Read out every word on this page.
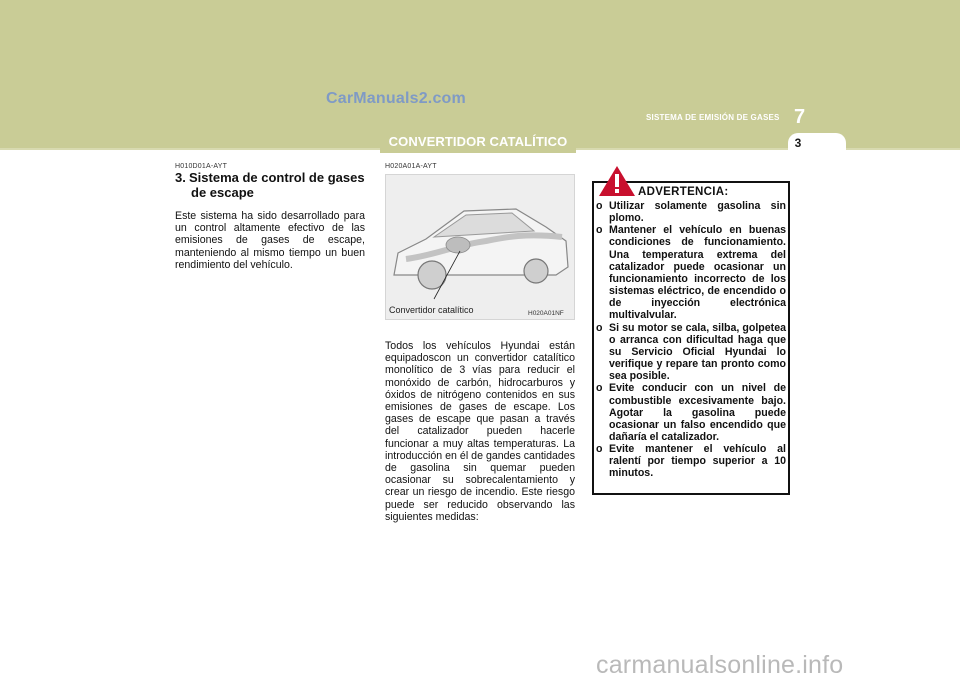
CarManuals2.com
CONVERTIDOR CATALÍTICO
SISTEMA DE EMISIÓN DE GASES 7
3
H010D01A-AYT
3. Sistema de control de gases
de escape
Este sistema ha sido desarrollado para un control altamente efectivo de las emisiones de gases de escape, manteniendo al mismo tiempo un buen rendimiento del vehículo.
H020A01A-AYT
Convertidor catalítico	H020A01NF
Todos los vehículos Hyundai están equipadoscon un convertidor catalítico monolítico de 3 vías para reducir el monóxido de carbón, hidrocarburos y óxidos de nitrógeno contenidos en sus emisiones de gases de escape. Los gases de escape que pasan a través del catalizador pueden hacerle funcionar a muy altas temperaturas. La introducción en él de gandes cantidades de gasolina sin quemar pueden ocasionar su sobrecalentamiento y crear un riesgo de incendio. Este riesgo puede ser reducido observando las siguientes medidas:
ADVERTENCIA:
o Utilizar solamente gasolina sin plomo.
o Mantener el vehículo en buenas condiciones de funcionamiento. Una temperatura extrema del catalizador puede ocasionar un funcionamiento incorrecto de los sistemas eléctrico, de encendido o de inyección electrónica multivalvular.
o Si su motor se cala, silba, golpetea o arranca con dificultad haga que su Servicio Oficial Hyundai lo verifique y repare tan pronto como sea posible.
o Evite conducir con un nivel de combustible excesivamente bajo. Agotar la gasolina puede ocasionar un falso encendido que dañaría el catalizador.
o Evite mantener el vehículo al ralentí por tiempo superior a 10 minutos.
carmanualsonline.info
